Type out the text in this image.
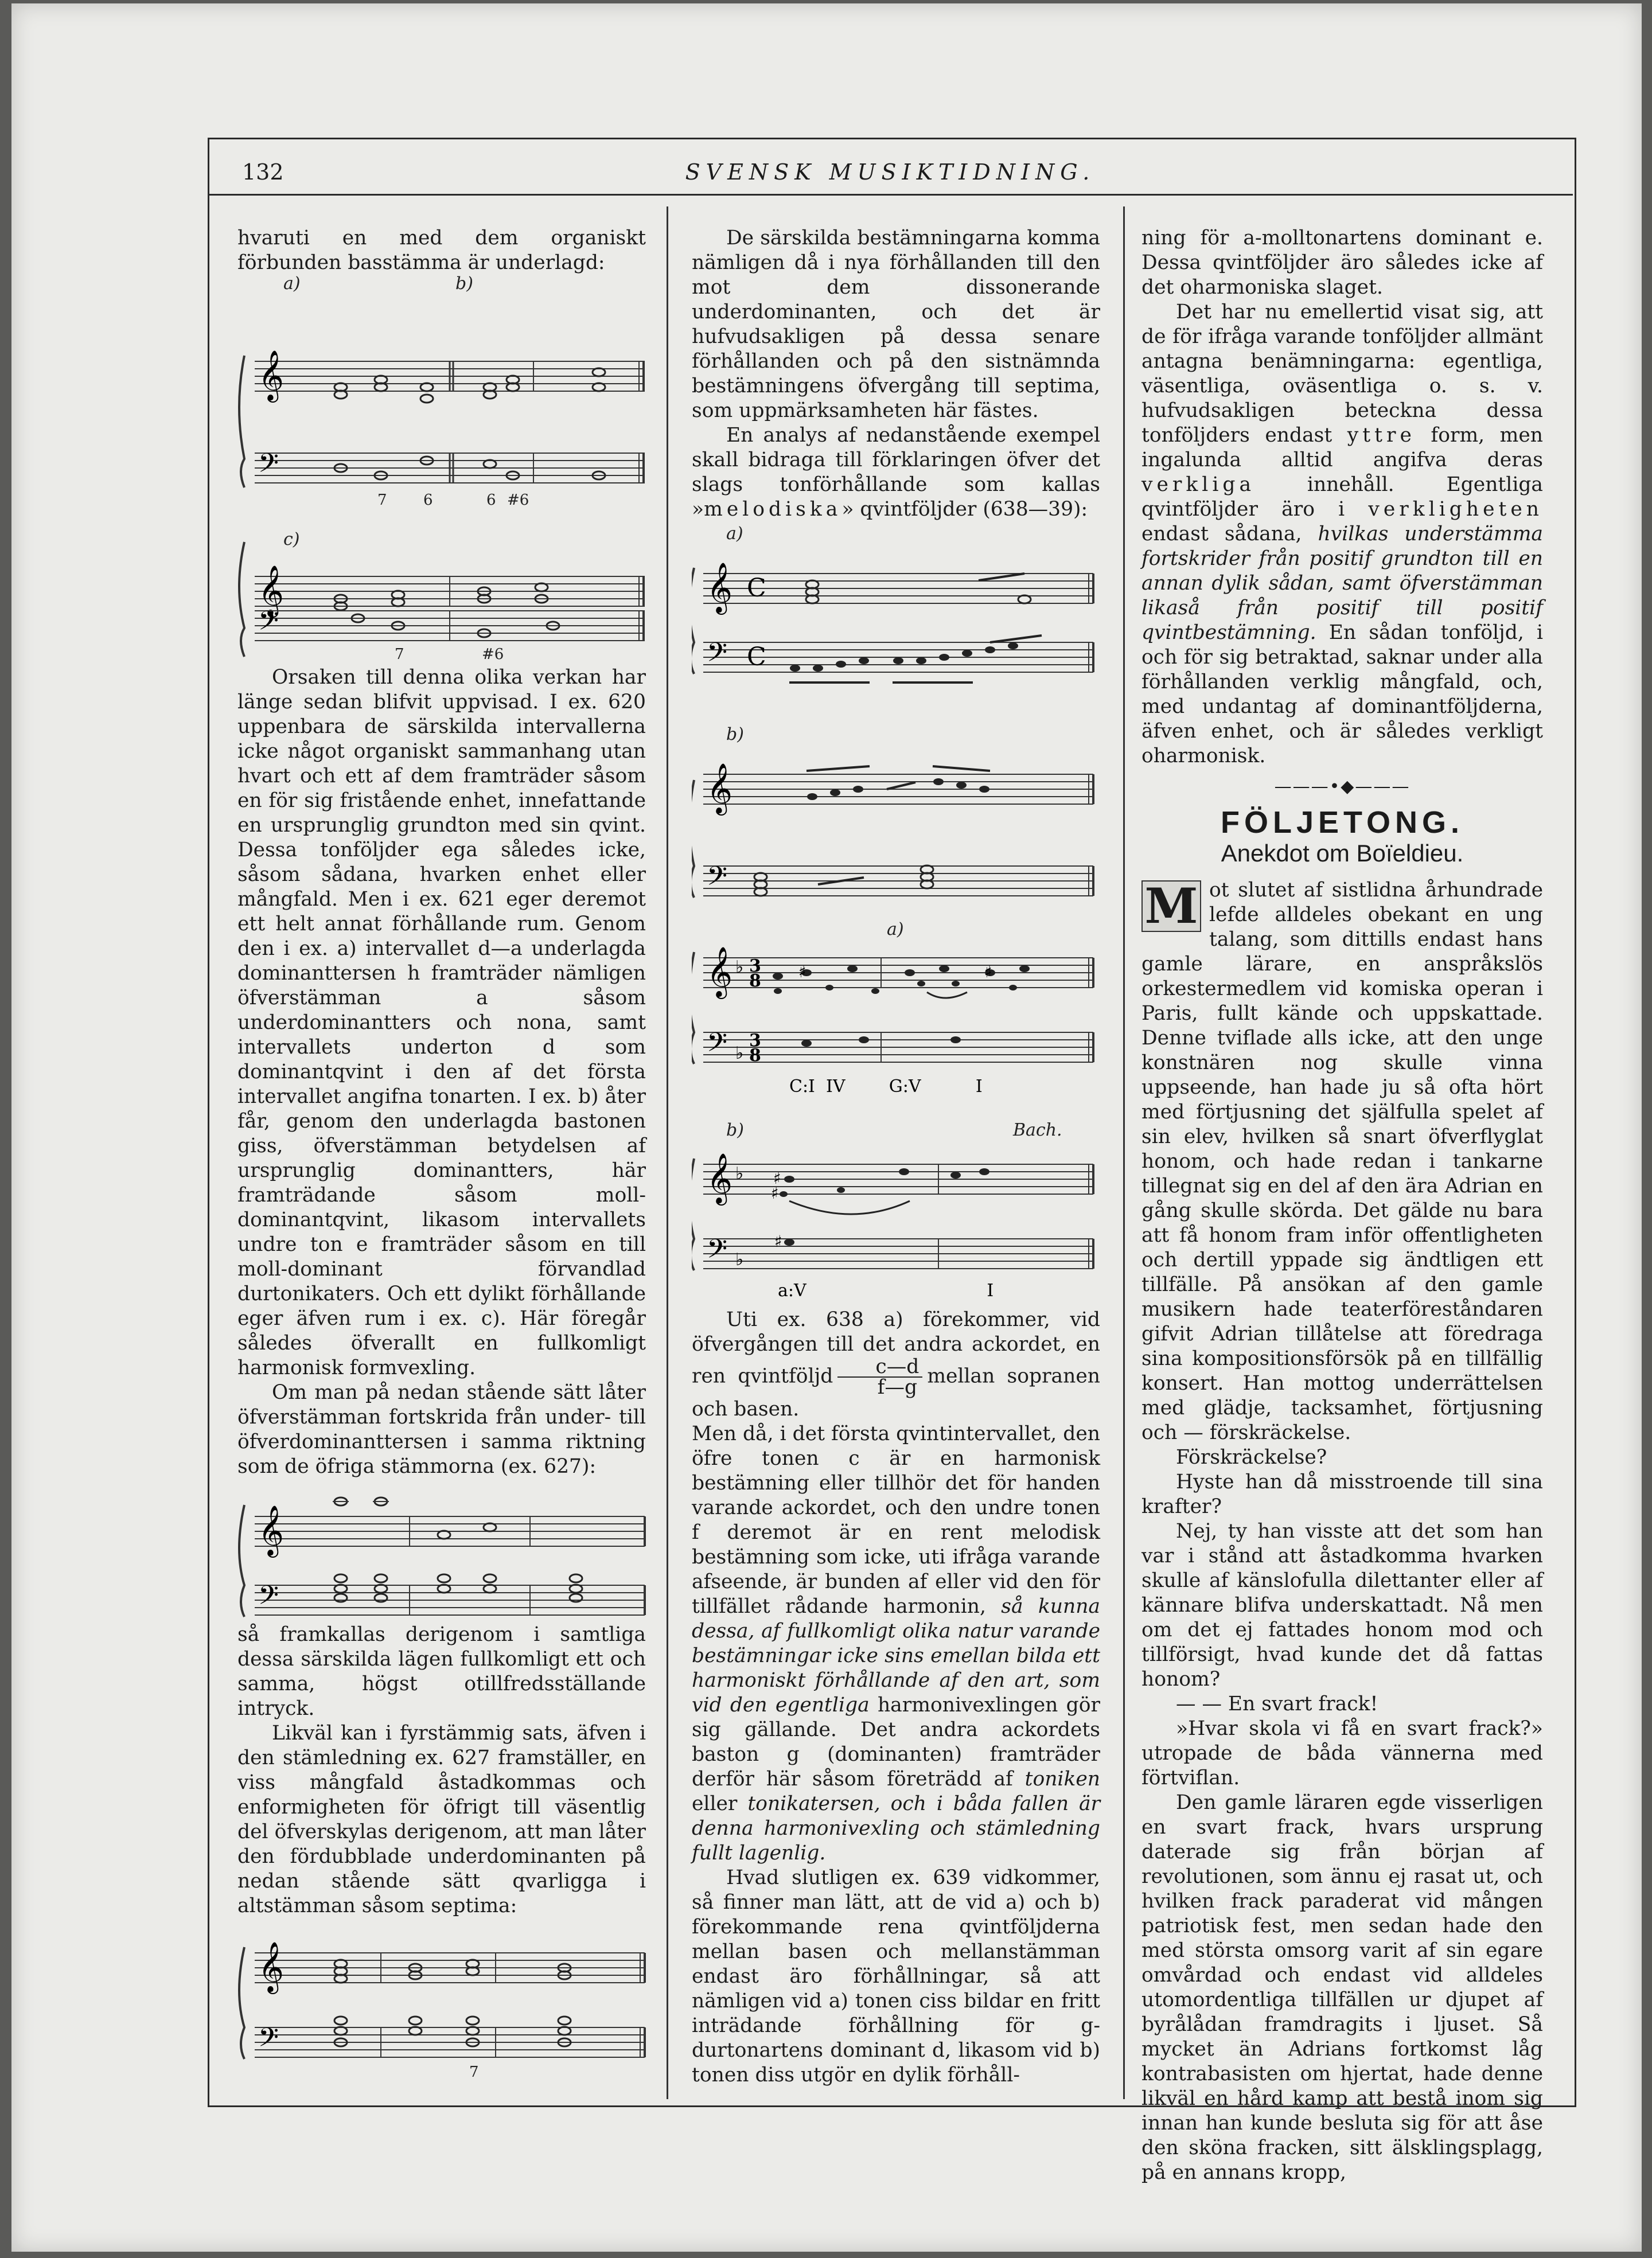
132	SVENSK MUSIKTIDNING.

hvaruti en med dem organiskt förbunden basstämma är underlagd:

a)	b)
c)
𝄞
𝄢
7 6	6 #6
𝄞
𝄢
7	#6

Orsaken till denna olika verkan har länge sedan blifvit uppvisad. I ex. 620 uppenbara de särskilda intervallerna icke något organiskt sammanhang utan hvart och ett af dem framträder såsom en för sig fristående enhet, innefattande en ursprunglig grundton med sin qvint. Dessa tonföljder ega således icke, såsom sådana, hvarken enhet eller mångfald. Men i ex. 621 eger deremot ett helt annat förhållande rum. Genom den i ex. a) intervallet d—a underlagda dominanttersen h framträder nämligen öfverstämman a såsom underdominantters och nona, samt intervallets underton d som dominantqvint i den af det första intervallet angifna tonarten. I ex. b) åter får, genom den underlagda bastonen giss, öfverstämman betydelsen af ursprunglig dominantters, här framträdande såsom moll-dominantqvint, likasom intervallets undre ton e framträder såsom en till moll-dominant förvandlad durtonikaters. Och ett dylikt förhållande eger äfven rum i ex. c). Här föregår således öfverallt en fullkomligt harmonisk formvexling.

Om man på nedan stående sätt låter öfverstämman fortskrida från under- till öfverdominanttersen i samma riktning som de öfriga stämmorna (ex. 627):

𝄞
𝄢

så framkallas derigenom i samtliga dessa särskilda lägen fullkomligt ett och samma, högst otillfredsställande intryck.

Likväl kan i fyrstämmig sats, äfven i den stämledning ex. 627 framställer, en viss mångfald åstadkommas och enformigheten för öfrigt till väsentlig del öfverskylas derigenom, att man låter den fördubblade underdominanten på nedan stående sätt qvarligga i altstämman såsom septima:

𝄞
𝄢
7

De särskilda bestämningarna komma nämligen då i nya förhållanden till den mot dem dissonerande underdominanten, och det är hufvudsakligen på dessa senare förhållanden och på den sistnämnda bestämningens öfvergång till septima, som uppmärksamheten här fästes.

En analys af nedanstående exempel skall bidraga till förklaringen öfver det slags tonförhållande som kallas »melodiska» qvintföljder (638—39):

a)
b)
𝄞 C
𝄢 C
𝄞
𝄢
a)
b)	Bach.
𝄞 ♭ 3
8 ♯	♯
𝄢 ♭
3
8
C:I  IV        G:V          I
𝄞 ♭ ♯
♯
𝄢 ♭
♯
a:V                                 I

Uti ex. 638 a) förekommer, vid öfvergången till det andra ackordet, en ren qvintföljd $\frac{c—d}{f—g}$ mellan sopranen och basen.

Men då, i det första qvintintervallet, den öfre tonen c är en harmonisk bestämning eller tillhör det för handen varande ackordet, och den undre tonen f deremot är en rent melodisk bestämning som icke, uti ifråga varande afseende, är bunden af eller vid den för tillfället rådande harmonin, så kunna dessa, af fullkomligt olika natur varande bestämningar icke sins emellan bilda ett harmoniskt förhållande af den art, som vid den egentliga harmonivexlingen gör sig gällande. Det andra ackordets baston g (dominanten) framträder derför här såsom företrädd af toniken eller tonikatersen, och i båda fallen är denna harmonivexling och stämledning fullt lagenlig.

Hvad slutligen ex. 639 vidkommer, så finner man lätt, att de vid a) och b) förekommande rena qvintföljderna mellan basen och mellanstämman endast äro förhållningar, så att nämligen vid a) tonen ciss bildar en fritt inträdande förhållning för g-durtonartens dominant d, likasom vid b) tonen diss utgör en dylik förhåll-

ning för a-molltonartens dominant e. Dessa qvintföljder äro således icke af det oharmoniska slaget.

Det har nu emellertid visat sig, att de för ifråga varande tonföljder allmänt antagna benämningarna: egentliga, väsentliga, oväsentliga o. s. v. hufvudsakligen beteckna dessa tonföljders endast yttre form, men ingalunda alltid angifva deras verkliga	innehåll. Egentliga qvintföljder äro i verkligheten endast sådana, hvilkas understämma fortskrider från positif grundton till en annan dylik sådan, samt öfverstämman likaså från positif till positif qvintbestämning. En sådan tonföljd, i och för sig betraktad, saknar under alla förhållanden verklig mångfald, och, med undantag af dominantföljderna, äfven enhet, och är således verkligt oharmonisk.

———•◆———
FÖLJETONG.
Anekdot om Boïeldieu.

M ot slutet af sistlidna århundrade lefde alldeles obekant en ung talang, som dittills endast hans gamle lärare, en anspråkslös orkestermedlem vid komiska operan i Paris, fullt kände och uppskattade. Denne tviflade alls icke, att den unge konstnären nog skulle vinna uppseende, han hade ju så ofta hört med förtjusning det själfulla spelet af sin elev, hvilken så snart öfverflyglat honom, och hade redan i tankarne tillegnat sig en del af den ära Adrian en gång skulle skörda. Det gälde nu bara att få honom fram inför offentligheten och dertill yppade sig ändtligen ett tillfälle. På ansökan af den gamle musikern hade teaterföreståndaren gifvit Adrian tillåtelse att föredraga sina kompositionsförsök på en tillfällig konsert. Han mottog underrättelsen med glädje, tacksamhet, förtjusning och — förskräckelse.

Förskräckelse?

Hyste han då misstroende till sina krafter?

Nej, ty han visste att det som han var i stånd att åstadkomma hvarken skulle af känslofulla dilettanter eller af kännare blifva underskattadt. Nå men om det ej fattades honom mod och tillförsigt, hvad kunde det då fattas honom?

— — En svart frack!

»Hvar skola vi få en svart frack?» utropade de båda vännerna med förtviflan.

Den gamle läraren egde visserligen en svart frack, hvars ursprung daterade sig från början af revolutionen, som ännu ej rasat ut, och hvilken frack paraderat vid mången patriotisk fest, men sedan hade den med största omsorg varit af sin egare omvårdad och endast vid alldeles utomordentliga tillfällen ur djupet af byrålådan framdragits i ljuset. Så mycket än Adrians fortkomst låg kontrabasisten om hjertat, hade denne likväl en hård kamp att bestå inom sig innan han kunde besluta sig för att åse den sköna fracken, sitt älsklingsplagg, på en annans kropp,
